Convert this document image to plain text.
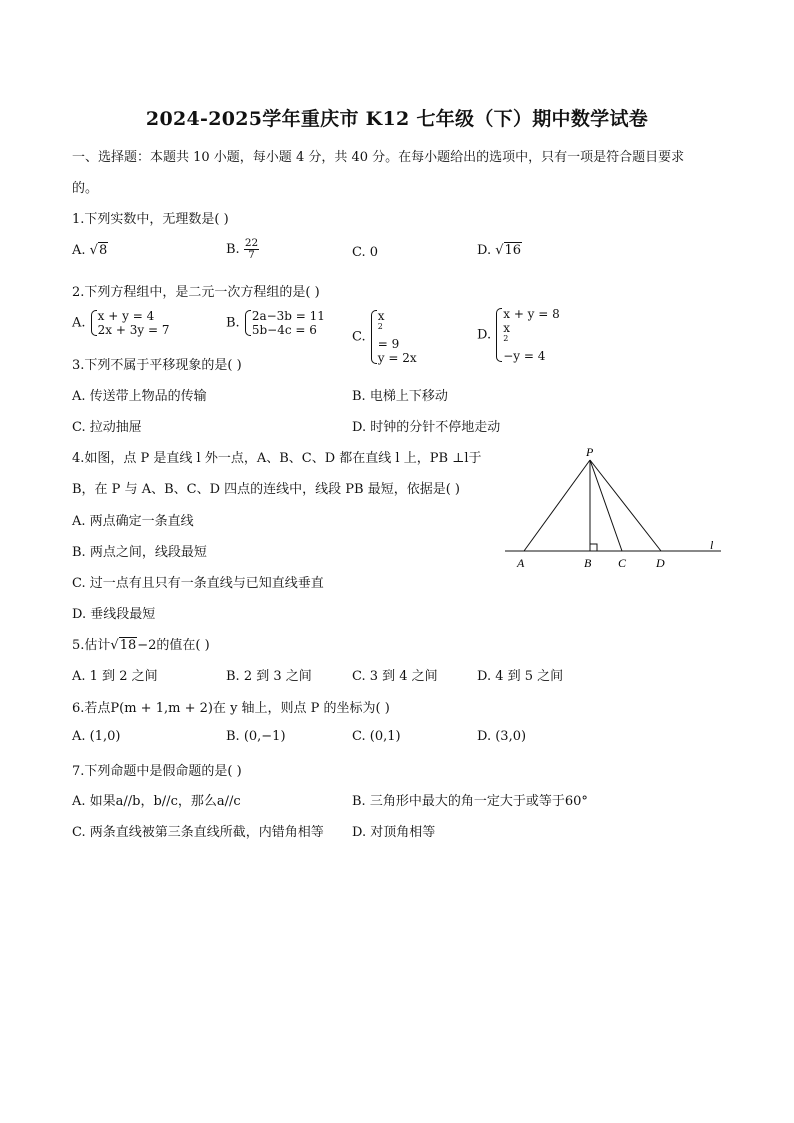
2024-2025学年重庆市 K12 七年级（下）期中数学试卷
一、选择题：本题共 10 小题，每小题 4 分，共 40 分。在每小题给出的选项中，只有一项是符合题目要求
的。
1.下列实数中，无理数是( )
A. √8	B. $\frac{22}{7}$	C. 0	D. √16
2.下列方程组中，是二元一次方程组的是( )
A. x + y = 4
2x + 3y = 7	B. 2a−3b = 11
5b−4c = 6	C.
x
$^2$
= 9
y = 2x
D.
x + y = 8
x
$^2$
−y = 4
3.下列不属于平移现象的是( )
A. 传送带上物品的传输	B. 电梯上下移动
C. 拉动抽屉	D. 时钟的分针不停地走动
4.如图，点 P 是直线 l 外一点，A、B、C、D 都在直线 l 上，PB ⊥l于
B，在 P 与 A、B、C、D 四点的连线中，线段 PB 最短，依据是( )
A. 两点确定一条直线
B. 两点之间，线段最短
C. 过一点有且只有一条直线与已知直线垂直
D. 垂线段最短
P
A	B C D
l
5.估计√18−2的值在( )
A. 1 到 2 之间	B. 2 到 3 之间	C. 3 到 4 之间	D. 4 到 5 之间
6.若点P(m + 1,m + 2)在 y 轴上，则点 P 的坐标为( )
A. (1,0)	B. (0,−1)	C. (0,1)	D. (3,0)
7.下列命题中是假命题的是( )
A. 如果a//b，b//c，那么a//c	B. 三角形中最大的角一定大于或等于60°
C. 两条直线被第三条直线所截，内错角相等 D. 对顶角相等
